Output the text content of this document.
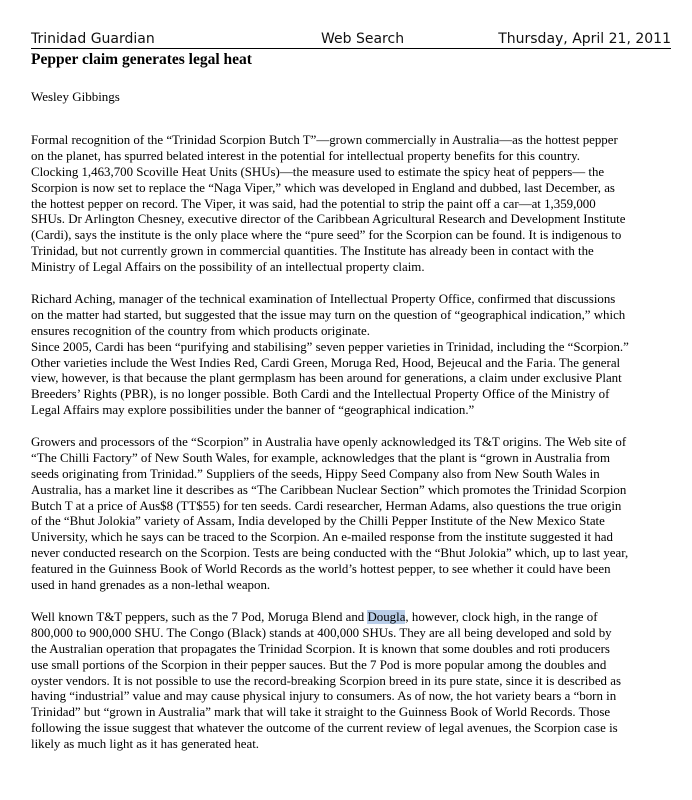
Trinidad Guardian	Web Search	Thursday, April 21, 2011
Pepper claim generates legal heat
Wesley Gibbings
Formal recognition of the “Trinidad Scorpion Butch T”—grown commercially in Australia—as the hottest pepper
on the planet, has spurred belated interest in the potential for intellectual property benefits for this country.
Clocking 1,463,700 Scoville Heat Units (SHUs)—the measure used to estimate the spicy heat of peppers— the
Scorpion is now set to replace the “Naga Viper,” which was developed in England and dubbed, last December, as
the hottest pepper on record. The Viper, it was said, had the potential to strip the paint off a car—at 1,359,000
SHUs. Dr Arlington Chesney, executive director of the Caribbean Agricultural Research and Development Institute
(Cardi), says the institute is the only place where the “pure seed” for the Scorpion can be found. It is indigenous to
Trinidad, but not currently grown in commercial quantities. The Institute has already been in contact with the
Ministry of Legal Affairs on the possibility of an intellectual property claim.
Richard Aching, manager of the technical examination of Intellectual Property Office, confirmed that discussions
on the matter had started, but suggested that the issue may turn on the question of “geographical indication,” which
ensures recognition of the country from which products originate.
Since 2005, Cardi has been “purifying and stabilising” seven pepper varieties in Trinidad, including the “Scorpion.”
Other varieties include the West Indies Red, Cardi Green, Moruga Red, Hood, Bejeucal and the Faria. The general
view, however, is that because the plant germplasm has been around for generations, a claim under exclusive Plant
Breeders’ Rights (PBR), is no longer possible. Both Cardi and the Intellectual Property Office of the Ministry of
Legal Affairs may explore possibilities under the banner of “geographical indication.”
Growers and processors of the “Scorpion” in Australia have openly acknowledged its T&T origins. The Web site of
“The Chilli Factory” of New South Wales, for example, acknowledges that the plant is “grown in Australia from
seeds originating from Trinidad.” Suppliers of the seeds, Hippy Seed Company also from New South Wales in
Australia, has a market line it describes as “The Caribbean Nuclear Section” which promotes the Trinidad Scorpion
Butch T at a price of Aus$8 (TT$55) for ten seeds. Cardi researcher, Herman Adams, also questions the true origin
of the “Bhut Jolokia” variety of Assam, India developed by the Chilli Pepper Institute of the New Mexico State
University, which he says can be traced to the Scorpion. An e-mailed response from the institute suggested it had
never conducted research on the Scorpion. Tests are being conducted with the “Bhut Jolokia” which, up to last year,
featured in the Guinness Book of World Records as the world’s hottest pepper, to see whether it could have been
used in hand grenades as a non-lethal weapon.
Well known T&T peppers, such as the 7 Pod, Moruga Blend and Dougla, however, clock high, in the range of
800,000 to 900,000 SHU. The Congo (Black) stands at 400,000 SHUs. They are all being developed and sold by
the Australian operation that propagates the Trinidad Scorpion. It is known that some doubles and roti producers
use small portions of the Scorpion in their pepper sauces. But the 7 Pod is more popular among the doubles and
oyster vendors. It is not possible to use the record-breaking Scorpion breed in its pure state, since it is described as
having “industrial” value and may cause physical injury to consumers. As of now, the hot variety bears a “born in
Trinidad” but “grown in Australia” mark that will take it straight to the Guinness Book of World Records. Those
following the issue suggest that whatever the outcome of the current review of legal avenues, the Scorpion case is
likely as much light as it has generated heat.
